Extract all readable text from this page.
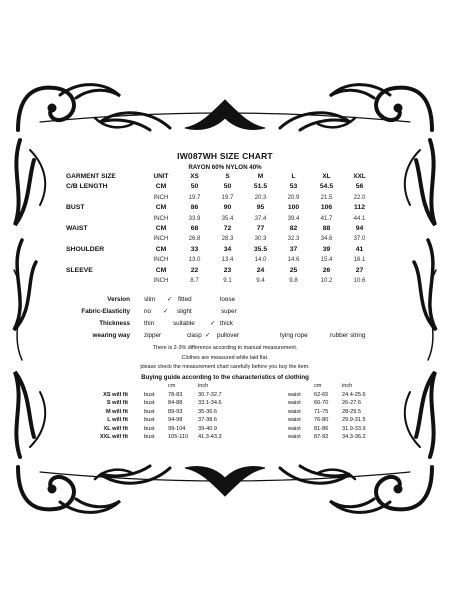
IW087WH SIZE CHART
RAYON 60% NYLON 40%
GARMENT SIZE	UNIT	XS	S	M	L	XL	XXL
C/B LENGTH	CM	50	50	51.5	53	54.5	56
	INCH	19.7	19.7	20.3	20.9	21.5	22.0
BUST	CM	86	90	95	100	106	112
	INCH	33.9	35.4	37.4	39.4	41.7	44.1
WAIST	CM	68	72	77	82	88	94
	INCH	26.8	28.3	30.3	32.3	34.6	37.0
SHOULDER	CM	33	34	35.5	37	39	41
	INCH	13.0	13.4	14.0	14.6	15.4	16.1
SLEEVE	CM	22	23	24	25	26	27
	INCH	8.7	9.1	9.4	9.8	10.2	10.6
Version slim ✓ fitted	loose
Fabric-Elasticity no ✓ slight	super
Thickness thin	suitable ✓ thick
wearing way zipper	clasp ✓ pullover	tying rope	rubber string
There is 2-3% difference according to manual measurement.
Clothes are measured while laid flat.
please check the measurement chart carefully before you buy the item.
Buying guide according to the characteristics of clothing
cm	inch	cm	inch
XS will fit	bust 78-83	30.7-32.7	waist 62-65 24.4-25.6
S will fit	bust 84-88	33.1-34.6	waist 66-70 26-27.6
M will fit	bust 89-93	35-36.6	waist 71-75 28-29.5
L will fit	bust 94-98	37-38.6	waist 76-80 29.9-31.5
XL will fit	bust 99-104 39-40.9	waist 81-86 31.9-33.9
XXL will fit	bust 105-110 41.3-43.3	waist 87-92 34.3-36.2
